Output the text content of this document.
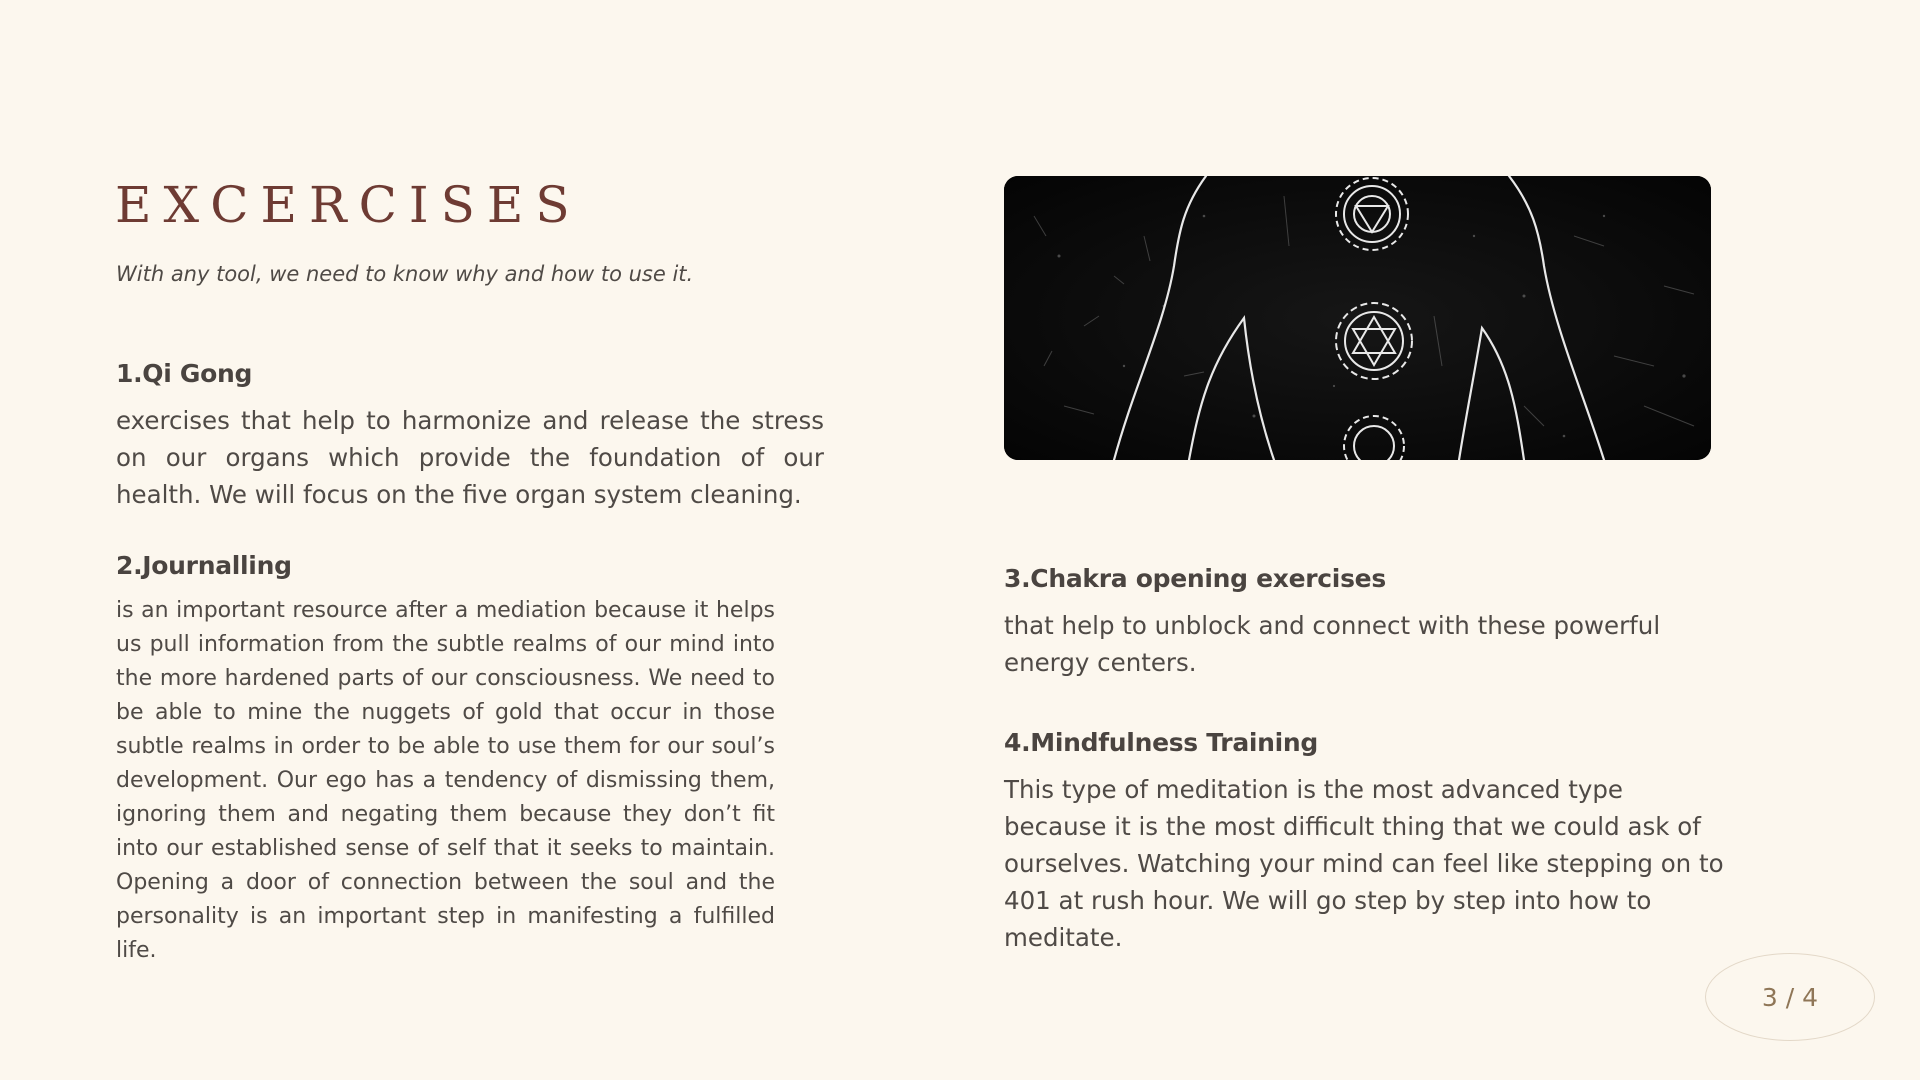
EXCERCISES

With any tool, we need to know why and how to use it.

1.Qi Gong

exercises that help to harmonize and release the stress on our organs which provide the foundation of our health. We will focus on the five organ system cleaning.

2.Journalling

is an important resource after a mediation because it helps us pull information from the subtle realms of our mind into the more hardened parts of our consciousness. We need to be able to mine the nuggets of gold that occur in those subtle realms in order to be able to use them for our soul’s development. Our ego has a tendency of dismissing them, ignoring them and negating them because they don’t fit into our established sense of self that it seeks to maintain. Opening a door of connection between the soul and the personality is an important step in manifesting a fulfilled life.

3.Chakra opening exercises

that help to unblock and connect with these powerful energy centers.

4.Mindfulness Training

This type of meditation is the most advanced type because it is the most difficult thing that we could ask of ourselves. Watching your mind can feel like stepping on to 401 at rush hour. We will go step by step into how to meditate.

3 / 4
